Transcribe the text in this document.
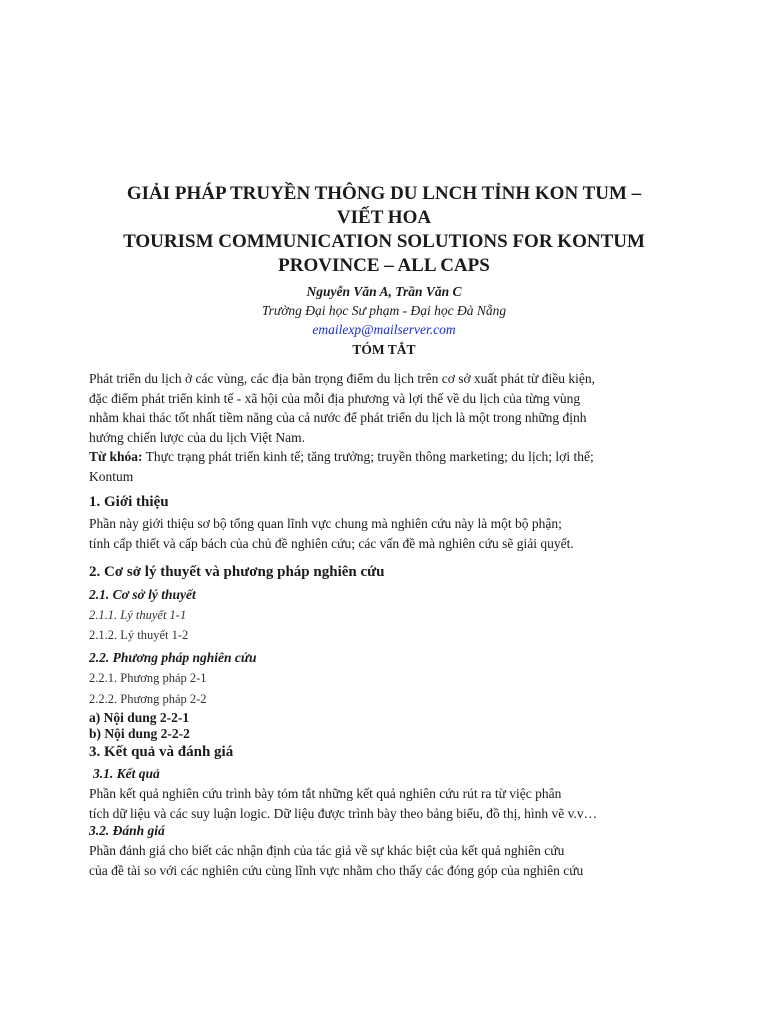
GIẢI PHÁP TRUYỀN THÔNG DU LNCH TỈNH KON TUM –
VIẾT HOA
TOURISM COMMUNICATION SOLUTIONS FOR KONTUM
PROVINCE – ALL CAPS
Nguyễn Văn A, Trần Văn C
Trường Đại học Sư phạm - Đại học Đà Nẵng
emailexp@mailserver.com
TÓM TẮT
Phát triển du lịch ở các vùng, các địa bàn trọng điểm du lịch trên cơ sở xuất phát từ điều kiện,
đặc điểm phát triển kinh tế - xã hội của mỗi địa phương và lợi thế về du lịch của từng vùng
nhằm khai thác tốt nhất tiềm năng của cả nước để phát triển du lịch là một trong những định
hướng chiến lược của du lịch Việt Nam.
Từ khóa: Thực trạng phát triển kinh tế; tăng trưởng; truyền thông marketing; du lịch; lợi thế;
Kontum
1. Giới thiệu
Phần này giới thiệu sơ bộ tổng quan lĩnh vực chung mà nghiên cứu này là một bộ phận;
tính cấp thiết và cấp bách của chủ đề nghiên cứu; các vấn đề mà nghiên cứu sẽ giải quyết.
2. Cơ sở lý thuyết và phương pháp nghiên cứu
2.1. Cơ sở lý thuyết
2.1.1. Lý thuyết 1-1
2.1.2. Lý thuyết 1-2
2.2. Phương pháp nghiên cứu
2.2.1. Phương pháp 2-1
2.2.2. Phương pháp 2-2
a) Nội dung 2-2-1
b) Nội dung 2-2-2
3. Kết quả và đánh giá
3.1. Kết quả
Phần kết quả nghiên cứu trình bày tóm tắt những kết quả nghiên cứu rút ra từ việc phân
tích dữ liệu và các suy luận logic. Dữ liệu được trình bày theo bảng biểu, đồ thị, hình vẽ v.v…
3.2. Đánh giá
Phần đánh giá cho biết các nhận định của tác giả về sự khác biệt của kết quả nghiên cứu
của đề tài so với các nghiên cứu cùng lĩnh vực nhằm cho thấy các đóng góp của nghiên cứu
